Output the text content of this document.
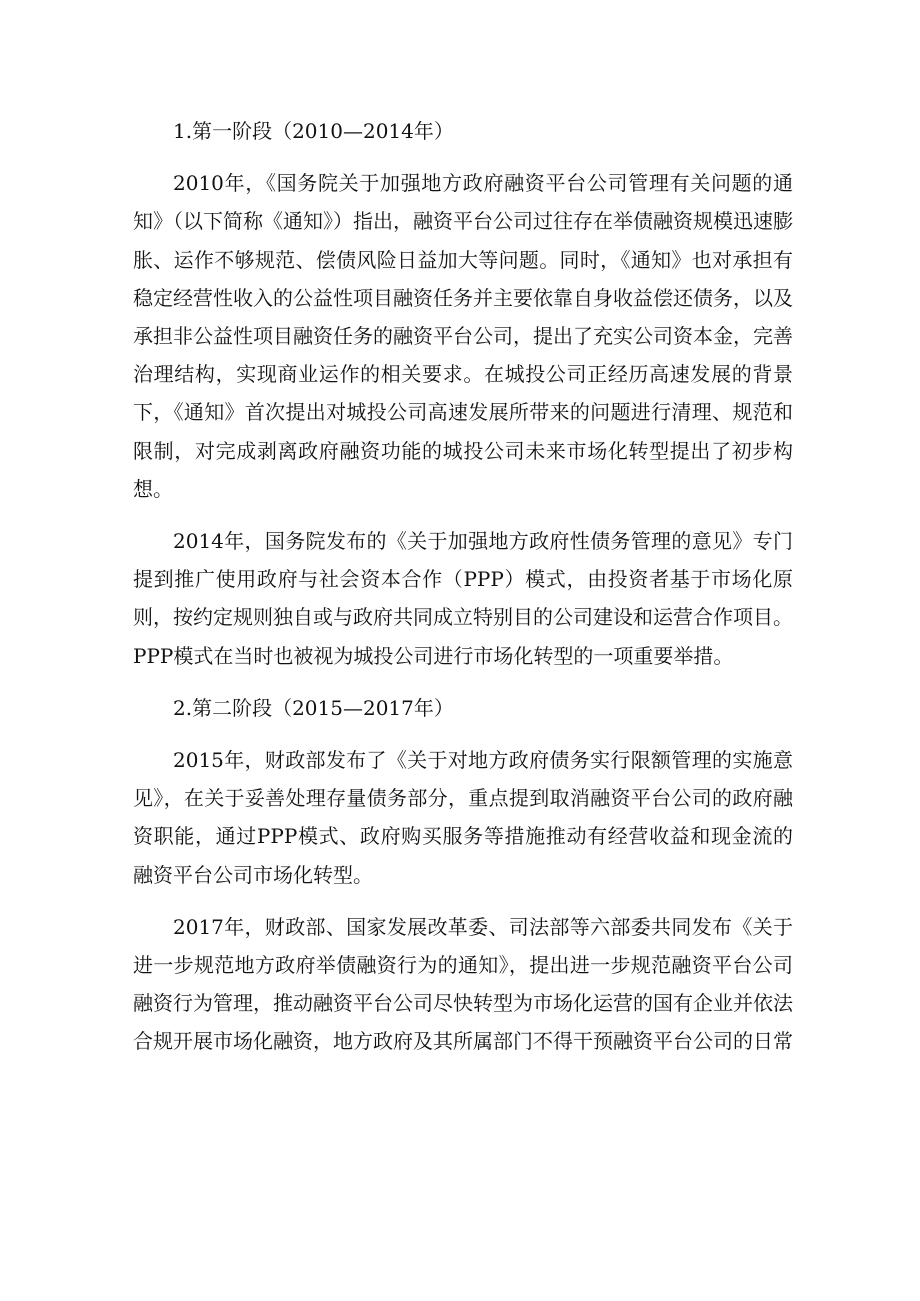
1.第一阶段（2010—2014年）

2010年，《国务院关于加强地方政府融资平台公司管理有关问题的通知》（以下简称《通知》）指出，融资平台公司过往存在举债融资规模迅速膨胀、运作不够规范、偿债风险日益加大等问题。同时，《通知》也对承担有稳定经营性收入的公益性项目融资任务并主要依靠自身收益偿还债务，以及承担非公益性项目融资任务的融资平台公司，提出了充实公司资本金，完善治理结构，实现商业运作的相关要求。在城投公司正经历高速发展的背景下，《通知》首次提出对城投公司高速发展所带来的问题进行清理、规范和限制，对完成剥离政府融资功能的城投公司未来市场化转型提出了初步构想。

2014年，国务院发布的《关于加强地方政府性债务管理的意见》专门提到推广使用政府与社会资本合作（PPP）模式，由投资者基于市场化原则，按约定规则独自或与政府共同成立特别目的公司建设和运营合作项目。PPP模式在当时也被视为城投公司进行市场化转型的一项重要举措。

2.第二阶段（2015—2017年）

2015年，财政部发布了《关于对地方政府债务实行限额管理的实施意见》，在关于妥善处理存量债务部分，重点提到取消融资平台公司的政府融资职能，通过PPP模式、政府购买服务等措施推动有经营收益和现金流的融资平台公司市场化转型。

2017年，财政部、国家发展改革委、司法部等六部委共同发布《关于进一步规范地方政府举债融资行为的通知》，提出进一步规范融资平台公司融资行为管理，推动融资平台公司尽快转型为市场化运营的国有企业并依法合规开展市场化融资，地方政府及其所属部门不得干预融资平台公司的日常
